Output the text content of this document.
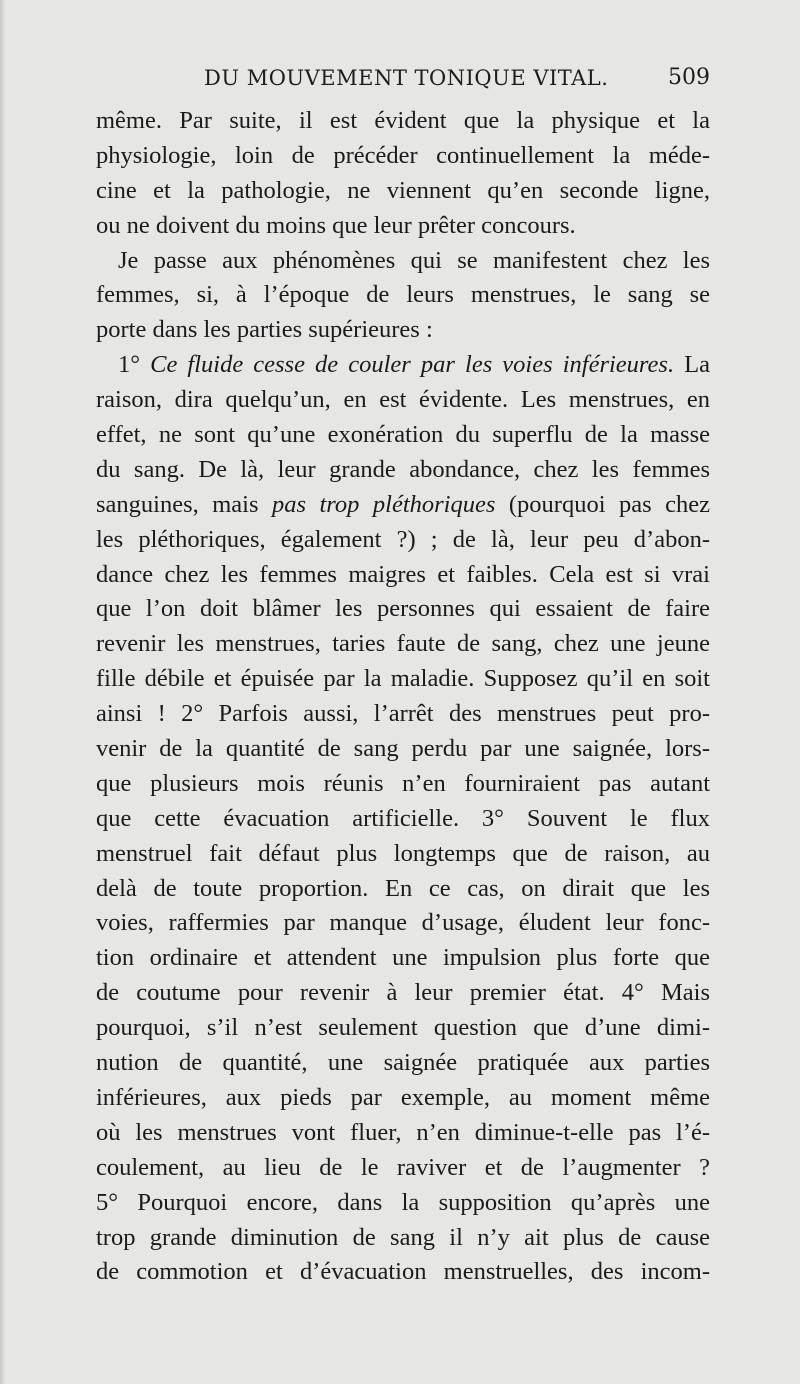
DU MOUVEMENT TONIQUE VITAL.	509
même. Par suite, il est évident que la physique et la
physiologie, loin de précéder continuellement la méde-
cine et la pathologie, ne viennent qu’en seconde ligne,
ou ne doivent du moins que leur prêter concours.
Je passe aux phénomènes qui se manifestent chez les
femmes, si, à l’époque de leurs menstrues, le sang se
porte dans les parties supérieures :
1° Ce fluide cesse de couler par les voies inférieures. La
raison, dira quelqu’un, en est évidente. Les menstrues, en
effet, ne sont qu’une exonération du superflu de la masse
du sang. De là, leur grande abondance, chez les femmes
sanguines, mais pas trop pléthoriques (pourquoi pas chez
les pléthoriques, également ?) ; de là, leur peu d’abon-
dance chez les femmes maigres et faibles. Cela est si vrai
que l’on doit blâmer les personnes qui essaient de faire
revenir les menstrues, taries faute de sang, chez une jeune
fille débile et épuisée par la maladie. Supposez qu’il en soit
ainsi ! 2° Parfois aussi, l’arrêt des menstrues peut pro-
venir de la quantité de sang perdu par une saignée, lors-
que plusieurs mois réunis n’en fourniraient pas autant
que cette évacuation artificielle. 3° Souvent le flux
menstruel fait défaut plus longtemps que de raison, au
delà de toute proportion. En ce cas, on dirait que les
voies, raffermies par manque d’usage, éludent leur fonc-
tion ordinaire et attendent une impulsion plus forte que
de coutume pour revenir à leur premier état. 4° Mais
pourquoi, s’il n’est seulement question que d’une dimi-
nution de quantité, une saignée pratiquée aux parties
inférieures, aux pieds par exemple, au moment même
où les menstrues vont fluer, n’en diminue-t-elle pas l’é-
coulement, au lieu de le raviver et de l’augmenter ?
5° Pourquoi encore, dans la supposition qu’après une
trop grande diminution de sang il n’y ait plus de cause
de commotion et d’évacuation menstruelles, des incom-
